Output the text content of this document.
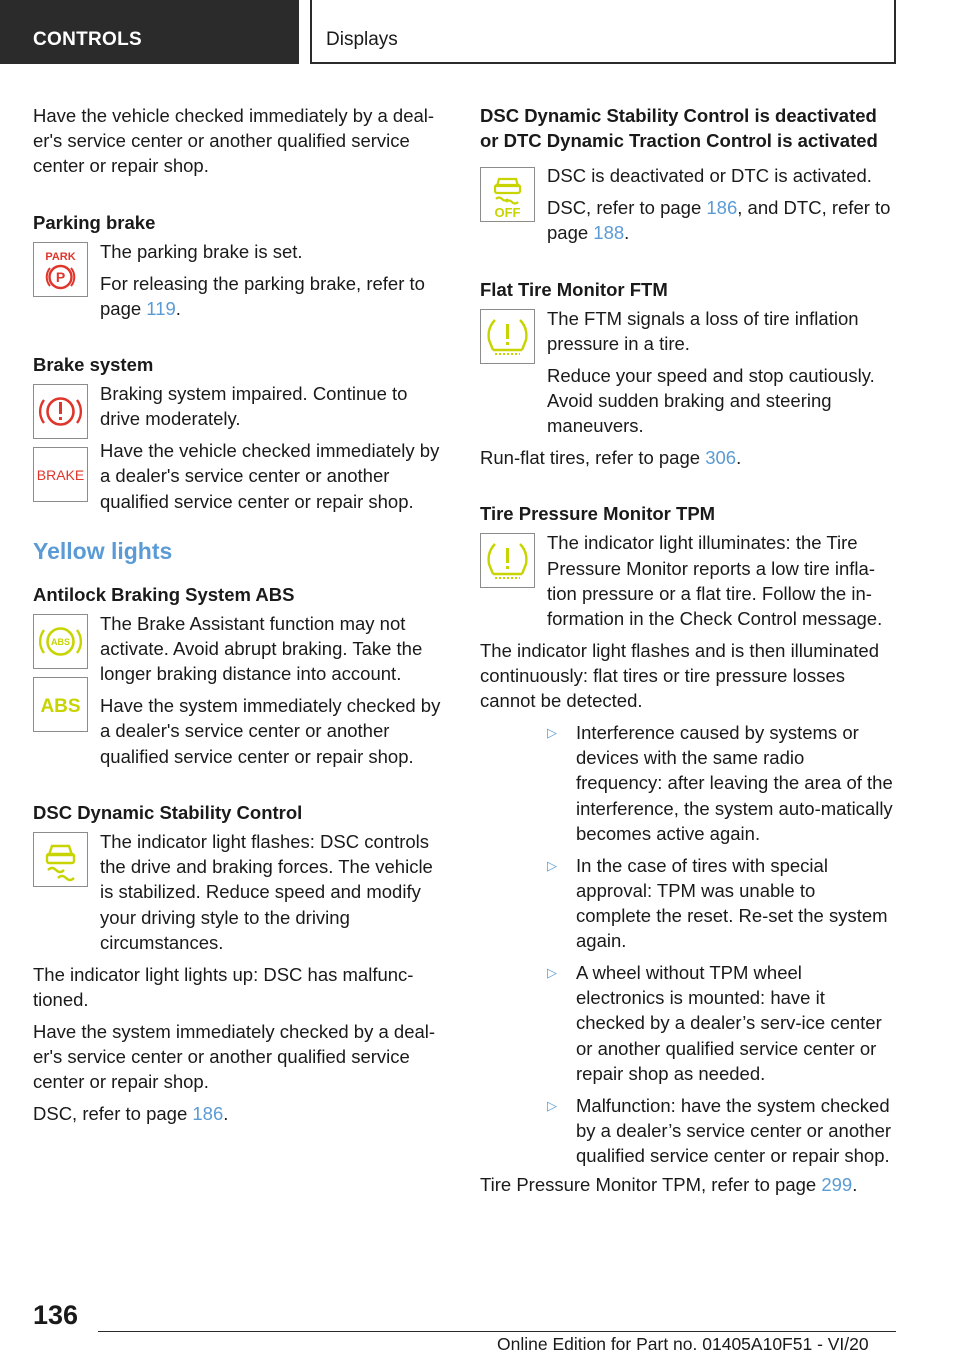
CONTROLS	Displays

Have the vehicle checked immediately by a deal-er's service center or another qualified service center or repair shop.

Parking brake
PARK
P

The parking brake is set.

For releasing the parking brake, refer to page 119.

Brake system
BRAKE

Braking system impaired. Continue to drive moderately.

Have the vehicle checked immediately by a dealer's service center or another qualified service center or repair shop.

Yellow lights
Antilock Braking System ABS
ABS
ABS

The Brake Assistant function may not activate. Avoid abrupt braking. Take the longer braking distance into account.

Have the system immediately checked by a dealer's service center or another qualified service center or repair shop.

DSC Dynamic Stability Control

The indicator light flashes: DSC controls the drive and braking forces. The vehicle is stabilized. Reduce speed and modify your driving style to the driving circumstances.

The indicator light lights up: DSC has malfunc-tioned.

Have the system immediately checked by a deal-er's service center or another qualified service center or repair shop.

DSC, refer to page 186.

DSC Dynamic Stability Control is deactivated or DTC Dynamic Traction Control is activated
OFF

DSC is deactivated or DTC is activated.

DSC, refer to page 186, and DTC, refer to page 188.

Flat Tire Monitor FTM

The FTM signals a loss of tire inflation pressure in a tire.

Reduce your speed and stop cautiously. Avoid sudden braking and steering maneuvers.

Run-flat tires, refer to page 306.

Tire Pressure Monitor TPM

The indicator light illuminates: the Tire Pressure Monitor reports a low tire infla-tion pressure or a flat tire. Follow the in-formation in the Check Control message.

The indicator light flashes and is then illuminated continuously: flat tires or tire pressure losses cannot be detected.

▷ Interference caused by systems or devices with the same radio frequency: after leaving the area of the interference, the system auto-matically becomes active again.
▷ In the case of tires with special approval: TPM was unable to complete the reset. Re-set the system again.
▷ A wheel without TPM wheel electronics is mounted: have it checked by a dealer’s serv-ice center or another qualified service center or repair shop as needed.
▷ Malfunction: have the system checked by a dealer’s service center or another qualified service center or repair shop.

Tire Pressure Monitor TPM, refer to page 299.

136
Online Edition for Part no. 01405A10F51 - VI/20
